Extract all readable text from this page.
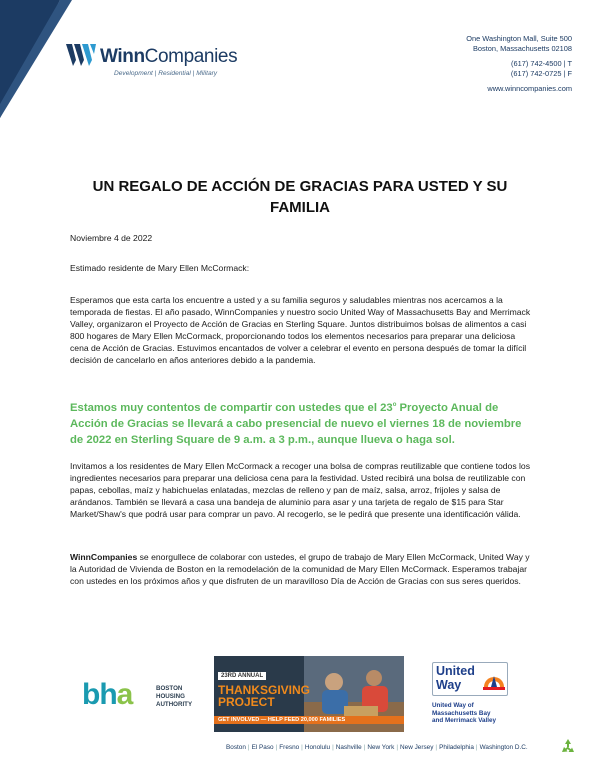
WinnCompanies
Development | Residential | Military
One Washington Mall, Suite 500
Boston, Massachusetts 02108
(617) 742-4500 | T
(617) 742-0725 | F
www.winncompanies.com
UN REGALO DE ACCIÓN DE GRACIAS PARA USTED Y SU FAMILIA
Noviembre 4 de 2022
Estimado residente de Mary Ellen McCormack:
Esperamos que esta carta los encuentre a usted y a su familia seguros y saludables mientras nos acercamos a la temporada de fiestas. El año pasado, WinnCompanies y nuestro socio United Way of Massachusetts Bay and Merrimack Valley, organizaron el Proyecto de Acción de Gracias en Sterling Square. Juntos distribuimos bolsas de alimentos a casi 800 hogares de Mary Ellen McCormack, proporcionando todos los elementos necesarios para preparar una deliciosa cena de Acción de Gracias. Estuvimos encantados de volver a celebrar el evento en persona después de tomar la difícil decisión de cancelarlo en años anteriores debido a la pandemia.
Estamos muy contentos de compartir con ustedes que el 23$^o$ Proyecto Anual de Acción de Gracias se llevará a cabo presencial de nuevo el viernes 18 de noviembre de 2022 en Sterling Square de 9 a.m. a 3 p.m., aunque llueva o haga sol.
Invitamos a los residentes de Mary Ellen McCormack a recoger una bolsa de compras reutilizable que contiene todos los ingredientes necesarios para preparar una deliciosa cena para la festividad. Usted recibirá una bolsa de reutilizable con papas, cebollas, maíz y habichuelas enlatadas, mezclas de relleno y pan de maíz, salsa, arroz, frijoles y salsa de arándanos. También se llevará a casa una bandeja de aluminio para asar y una tarjeta de regalo de $15 para Star Market/Shaw's que podrá usar para comprar un pavo. Al recogerlo, se le pedirá que presente una identificación válida.
WinnCompanies se enorgullece de colaborar con ustedes, el grupo de trabajo de Mary Ellen McCormack, United Way y la Autoridad de Vivienda de Boston en la remodelación de la comunidad de Mary Ellen McCormack. Esperamos trabajar con ustedes en los próximos años y que disfruten de un maravilloso Día de Acción de Gracias con sus seres queridos.
bha	BOSTON
HOUSING
AUTHORITY
23RD ANNUAL
THANKSGIVING
PROJECT
GET INVOLVED — HELP FEED 20,000 FAMILIES
United Way
United Way of
Massachusetts Bay
and Merrimack Valley
Boston | El Paso | Fresno | Honolulu | Nashville | New York | New Jersey | Philadelphia | Washington D.C.
